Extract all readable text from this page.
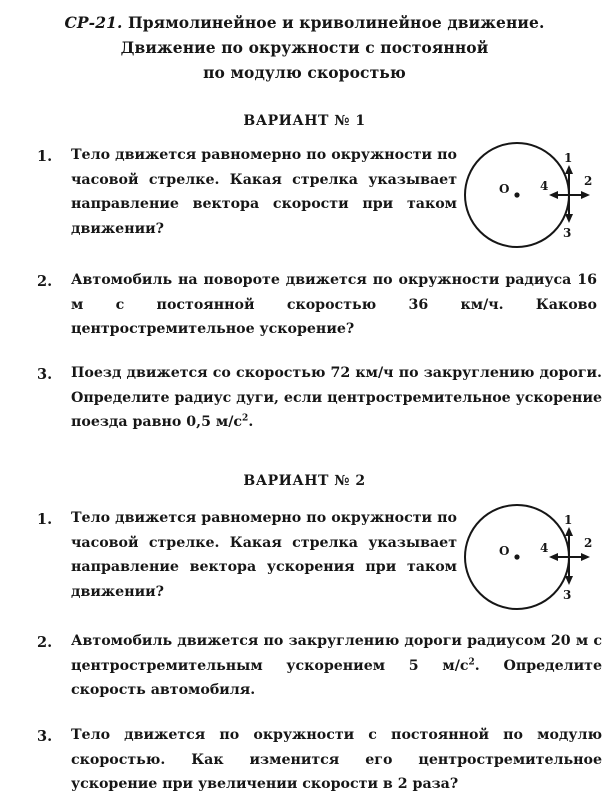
СР-21. Прямолинейное и криволинейное движение.
Движение по окружности с постоянной
по модулю скоростью
ВАРИАНТ № 1
1. Тело движется равномерно по окружности по часовой стрелке. Какая стрелка указывает направление вектора скорости при таком движении?
O
1
2
3
4
2. Автомобиль на повороте движется по окружности радиуса 16 м с постоянной скоростью 36 км/ч. Каково центростремительное ускорение?
3. Поезд движется со скоростью 72 км/ч по закруглению дороги. Определите радиус дуги, если центростремительное ускорение поезда равно 0,5 $м/с^2$.
ВАРИАНТ № 2
1. Тело движется равномерно по окружности по часовой стрелке. Какая стрелка указывает направление вектора ускорения при таком движении?
O
1
2
3
4
2. Автомобиль движется по закруглению дороги радиусом 20 м с центростремительным ускорением 5 $м/с^2$. Определите скорость автомобиля.
3. Тело движется по окружности с постоянной по модулю скоростью. Как изменится его центростремительное ускорение при увеличении скорости в 2 раза?
